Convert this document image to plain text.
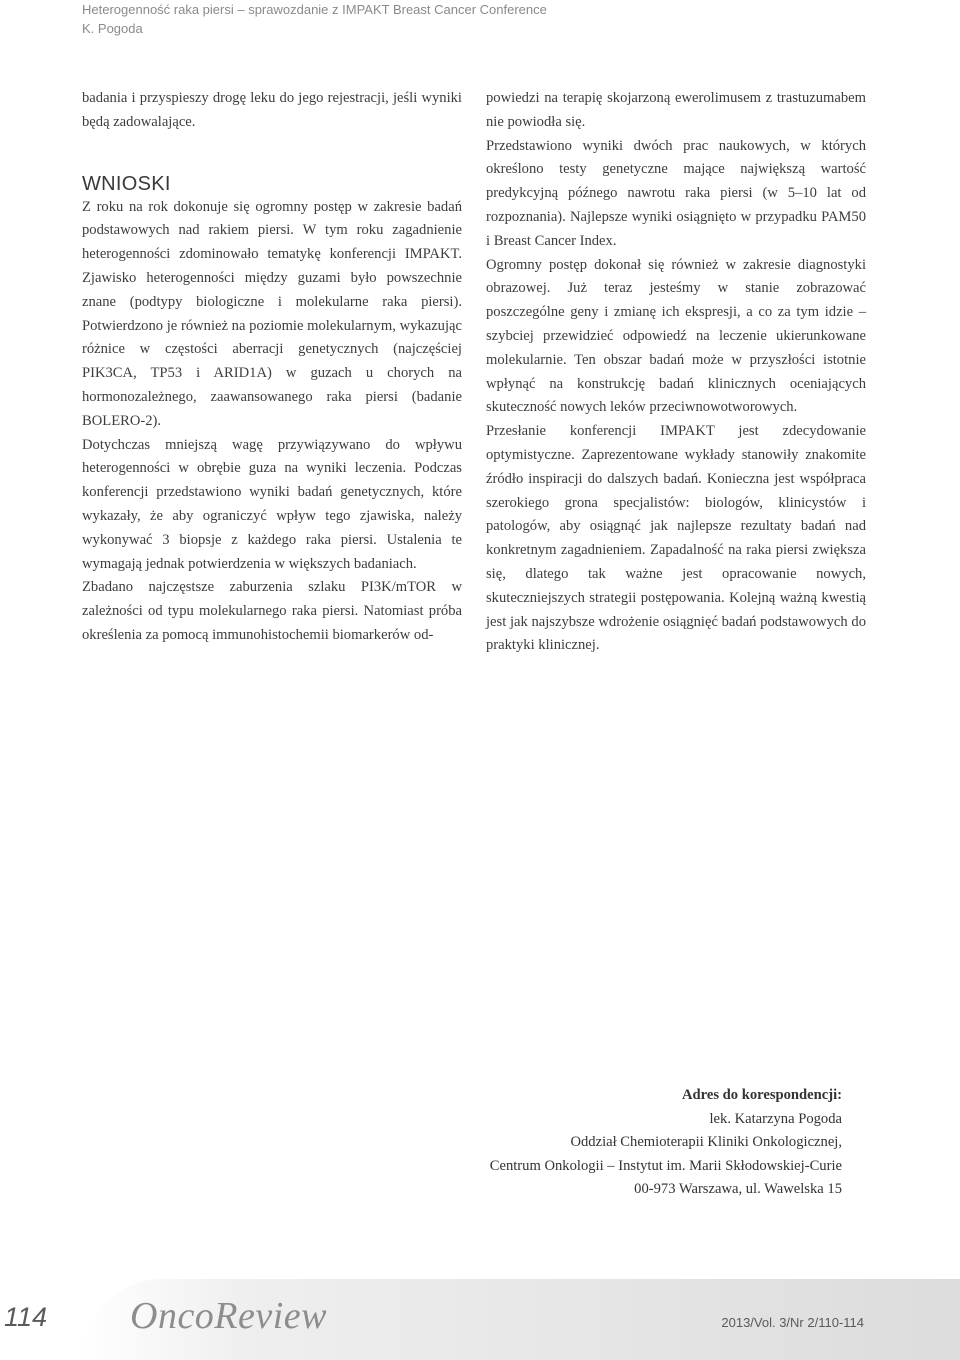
Heterogenność raka piersi – sprawozdanie z IMPAKT Breast Cancer Conference
K. Pogoda

badania i przyspieszy drogę leku do jego rejestracji, jeśli wyniki będą zadowalające.

WNIOSKI

Z roku na rok dokonuje się ogromny postęp w zakresie badań podstawowych nad rakiem piersi. W tym roku zagadnienie heterogenności zdominowało tematykę konferencji IMPAKT. Zjawisko heterogenności między guzami było powszechnie znane (podtypy biologiczne i molekularne raka piersi). Potwierdzono je również na poziomie molekularnym, wykazując różnice w częstości aberracji genetycznych (najczęściej PIK3CA, TP53 i ARID1A) w guzach u chorych na hormonozależnego, zaawansowanego raka piersi (badanie BOLERO-2).

Dotychczas mniejszą wagę przywiązywano do wpływu heterogenności w obrębie guza na wyniki leczenia. Podczas konferencji przedstawiono wyniki badań genetycznych, które wykazały, że aby ograniczyć wpływ tego zjawiska, należy wykonywać 3 biopsje z każdego raka piersi. Ustalenia te wymagają jednak potwierdzenia w większych badaniach.

Zbadano najczęstsze zaburzenia szlaku PI3K/mTOR w zależności od typu molekularnego raka piersi. Natomiast próba określenia za pomocą immunohistochemii biomarkerów od-

powiedzi na terapię skojarzoną ewerolimusem z trastuzumabem nie powiodła się.

Przedstawiono wyniki dwóch prac naukowych, w których określono testy genetyczne mające największą wartość predykcyjną późnego nawrotu raka piersi (w 5–10 lat od rozpoznania). Najlepsze wyniki osiągnięto w przypadku PAM50 i Breast Cancer Index.

Ogromny postęp dokonał się również w zakresie diagnostyki obrazowej. Już teraz jesteśmy w stanie zobrazować poszczególne geny i zmianę ich ekspresji, a co za tym idzie – szybciej przewidzieć odpowiedź na leczenie ukierunkowane molekularnie. Ten obszar badań może w przyszłości istotnie wpłynąć na konstrukcję badań klinicznych oceniających skuteczność nowych leków przeciwnowotworowych.

Przesłanie konferencji IMPAKT jest zdecydowanie optymistyczne. Zaprezentowane wykłady stanowiły znakomite źródło inspiracji do dalszych badań. Konieczna jest współpraca szerokiego grona specjalistów: biologów, klinicystów i patologów, aby osiągnąć jak najlepsze rezultaty badań nad konkretnym zagadnieniem. Zapadalność na raka piersi zwiększa się, dlatego tak ważne jest opracowanie nowych, skuteczniejszych strategii postępowania. Kolejną ważną kwestią jest jak najszybsze wdrożenie osiągnięć badań podstawowych do praktyki klinicznej.

Adres do korespondencji:
lek. Katarzyna Pogoda
Oddział Chemioterapii Kliniki Onkologicznej,
Centrum Onkologii – Instytut im. Marii Skłodowskiej-Curie
00-973 Warszawa, ul. Wawelska 15
114 OncoReview	2013/Vol. 3/Nr 2/110-114
